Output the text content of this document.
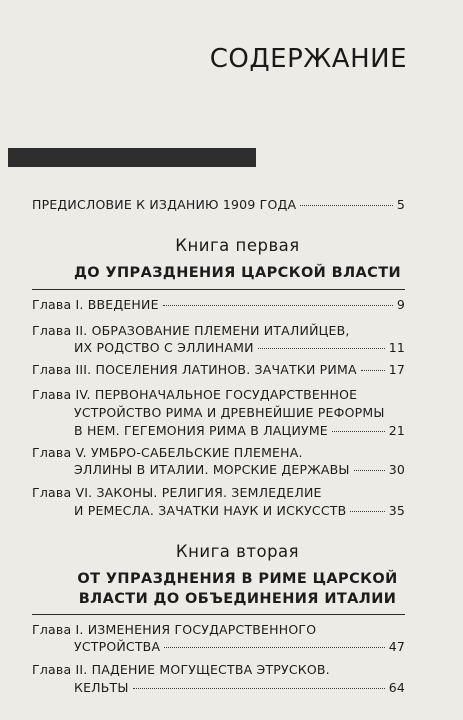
СОДЕРЖАНИЕ
ПРЕДИСЛОВИЕ К ИЗДАНИЮ 1909 ГОДА	5
Книга первая
ДО УПРАЗДНЕНИЯ ЦАРСКОЙ ВЛАСТИ
Глава I. ВВЕДЕНИЕ	9
Глава II. ОБРАЗОВАНИЕ ПЛЕМЕНИ ИТАЛИЙЦЕВ,
ИХ РОДСТВО С ЭЛЛИНАМИ	11
Глава III. ПОСЕЛЕНИЯ ЛАТИНОВ. ЗАЧАТКИ РИМА	17
Глава IV. ПЕРВОНАЧАЛЬНОЕ ГОСУДАРСТВЕННОЕ
УСТРОЙСТВО РИМА И ДРЕВНЕЙШИЕ РЕФОРМЫ
В НЕМ. ГЕГЕМОНИЯ РИМА В ЛАЦИУМЕ	21
Глава V. УМБРО-САБЕЛЬСКИЕ ПЛЕМЕНА.
ЭЛЛИНЫ В ИТАЛИИ. МОРСКИЕ ДЕРЖАВЫ	30
Глава VI. ЗАКОНЫ. РЕЛИГИЯ. ЗЕМЛЕДЕЛИЕ
И РЕМЕСЛА. ЗАЧАТКИ НАУК И ИСКУССТВ	35
Книга вторая
ОТ УПРАЗДНЕНИЯ В РИМЕ ЦАРСКОЙ
ВЛАСТИ ДО ОБЪЕДИНЕНИЯ ИТАЛИИ
Глава I. ИЗМЕНЕНИЯ ГОСУДАРСТВЕННОГО
УСТРОЙСТВА	47
Глава II. ПАДЕНИЕ МОГУЩЕСТВА ЭТРУСКОВ.
КЕЛЬТЫ	64
